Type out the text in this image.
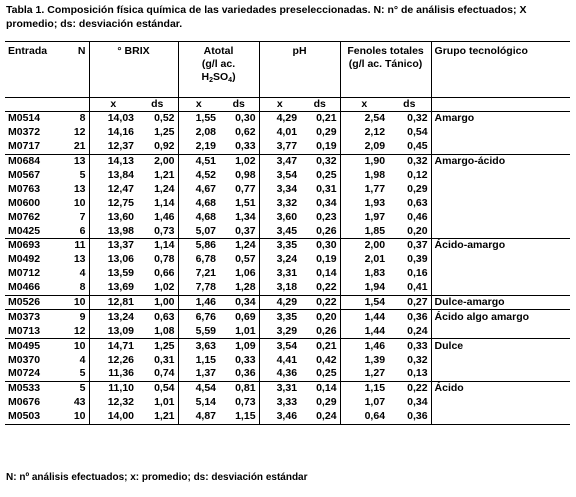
Tabla 1. Composición física química de las variedades preseleccionadas. N: n° de análisis efectuados; X promedio; ds: desviación estándar.
Entrada	N	° BRIX		Atotal
(g/l ac.
$H_2SO_4$)		pH		Fenoles totales
(g/l ac. Tánico)		Grupo tecnológico
		x	ds	x	ds	x	ds	x	ds	
M0514	8	14,03	0,52	1,55	0,30	4,29	0,21	2,54	0,32	Amargo
M0372	12	14,16	1,25	2,08	0,62	4,01	0,29	2,12	0,54	
M0717	21	12,37	0,92	2,19	0,33	3,77	0,19	2,09	0,45	
M0684	13	14,13	2,00	4,51	1,02	3,47	0,32	1,90	0,32	Amargo-ácido
M0567	5	13,84	1,21	4,52	0,98	3,54	0,25	1,98	0,12	
M0763	13	12,47	1,24	4,67	0,77	3,34	0,31	1,77	0,29	
M0600	10	12,75	1,14	4,68	1,51	3,32	0,34	1,93	0,63	
M0762	7	13,60	1,46	4,68	1,34	3,60	0,23	1,97	0,46	
M0425	6	13,98	0,73	5,07	0,37	3,45	0,26	1,85	0,20	
M0693	11	13,37	1,14	5,86	1,24	3,35	0,30	2,00	0,37	Ácido-amargo
M0492	13	13,06	0,78	6,78	0,57	3,24	0,19	2,01	0,39	
M0712	4	13,59	0,66	7,21	1,06	3,31	0,14	1,83	0,16	
M0466	8	13,69	1,02	7,78	1,28	3,18	0,22	1,94	0,41	
M0526	10	12,81	1,00	1,46	0,34	4,29	0,22	1,54	0,27	Dulce-amargo
M0373	9	13,24	0,63	6,76	0,69	3,35	0,20	1,44	0,36	Ácido algo amargo
M0713	12	13,09	1,08	5,59	1,01	3,29	0,26	1,44	0,24	
M0495	10	14,71	1,25	3,63	1,09	3,54	0,21	1,46	0,33	Dulce
M0370	4	12,26	0,31	1,15	0,33	4,41	0,42	1,39	0,32	
M0724	5	11,36	0,74	1,37	0,36	4,36	0,25	1,27	0,13	
M0533	5	11,10	0,54	4,54	0,81	3,31	0,14	1,15	0,22	Ácido
M0676	43	12,32	1,01	5,14	0,73	3,33	0,29	1,07	0,34	
M0503	10	14,00	1,21	4,87	1,15	3,46	0,24	0,64	0,36	
N: nº análisis efectuados; x: promedio; ds: desviación estándar
